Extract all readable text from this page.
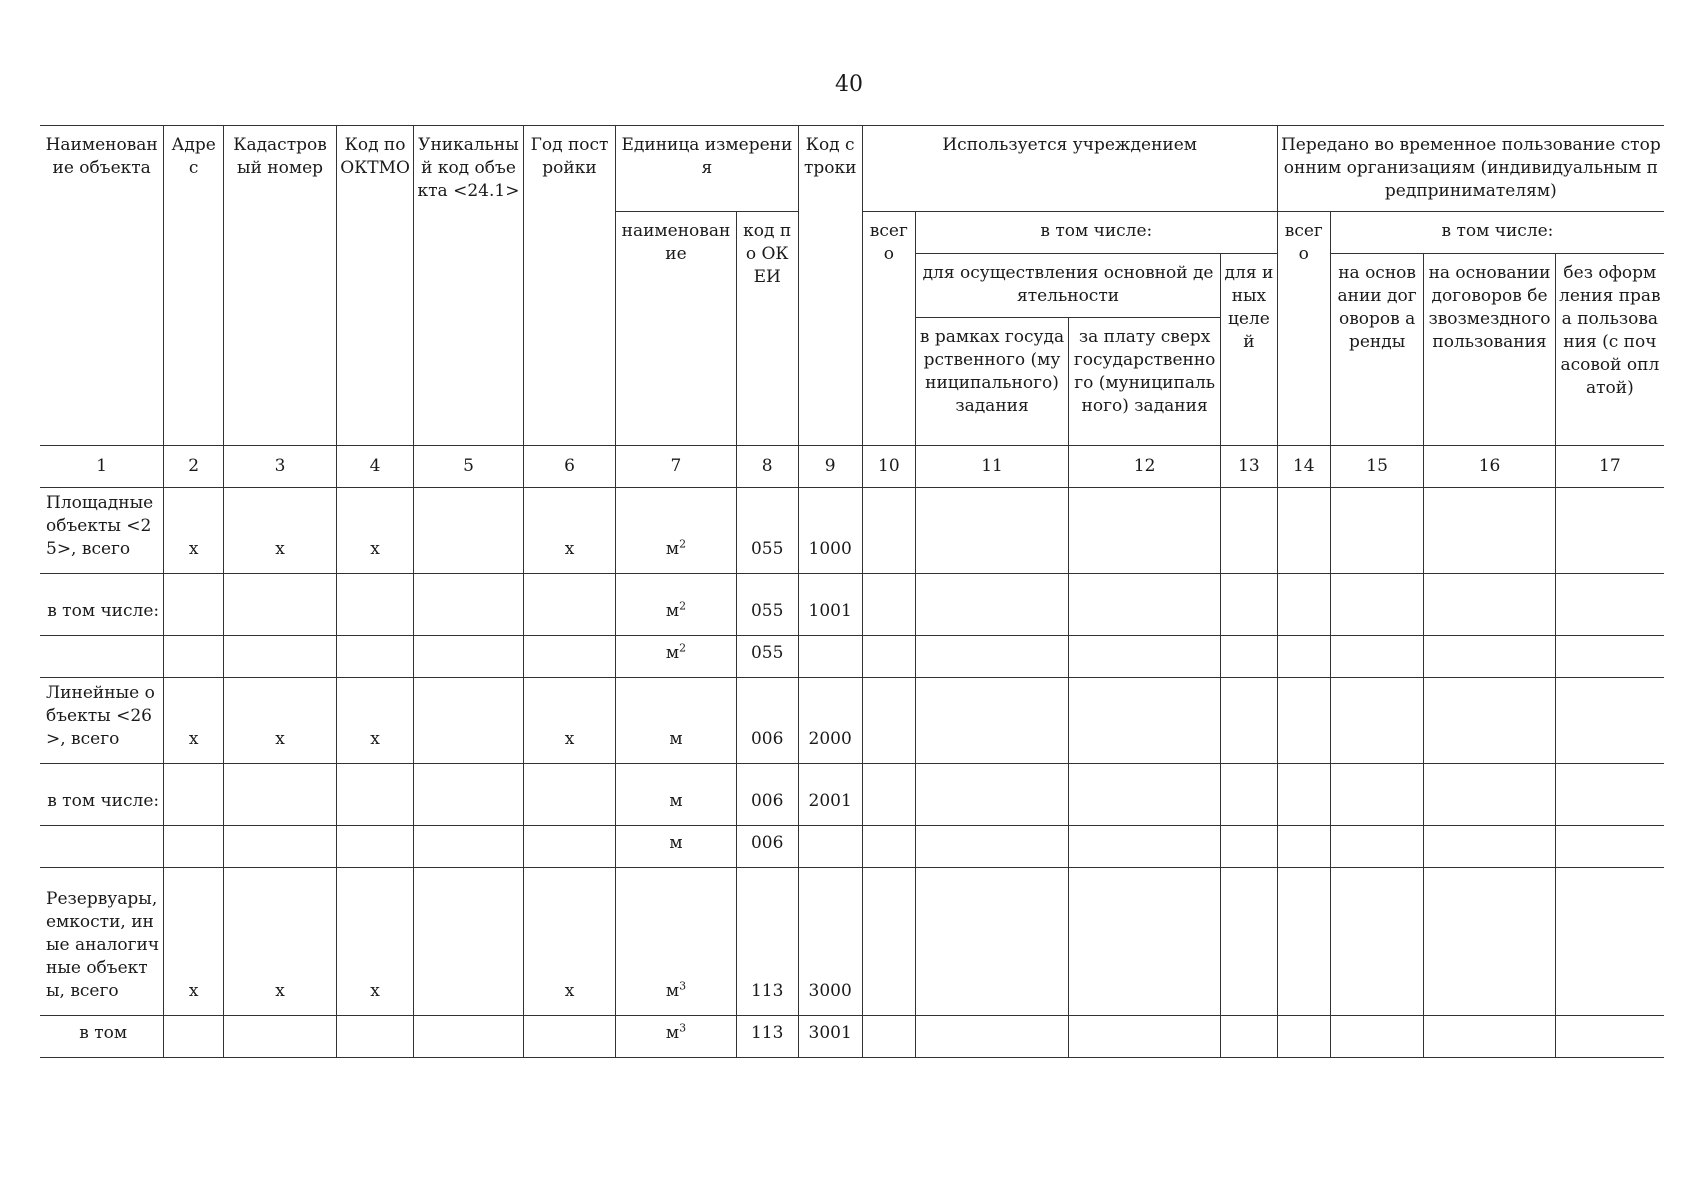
40
Наименование объекта	Адрес	Кадастровый номер	Код по ОКТМО	Уникальный код объекта <24.1>	Год постройки	Единица измерения		Код строки	Используется учреждением				Передано во временное пользование сторонним организациям (индивидуальным предпринимателям)			
						наименование	код по ОКЕИ		всего	в том числе:			всего	в том числе:		
										для осуществления основной деятельности		для иных целей		на основании договоров аренды	на основании договоров безвозмездного пользования	без оформления права пользования (с почасовой оплатой)
										в рамках государственного (муниципального) задания	за плату сверх государственного (муниципального) задания					
1	2	3	4	5	6	7	8	9	10	11	12	13	14	15	16	17
Площадные объекты <25>, всего	x	x	x		x	$м^2$	055	1000								
в том числе:						$м^2$	055	1001								
						$м^2$	055									
Линейные объекты <26>, всего	x	x	x		x	м	006	2000								
в том числе:						м	006	2001								
						м	006									
Резервуары, емкости, иные аналогичные объекты, всего	x	x	x		x	$м^3$	113	3000								
в том						$м^3$	113	3001								
